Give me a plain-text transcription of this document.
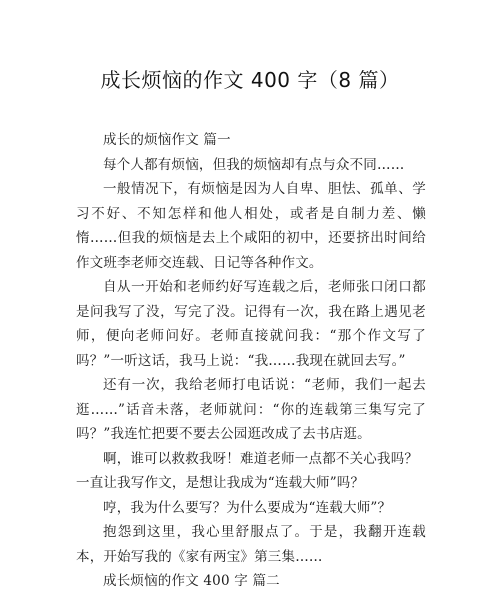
成长烦恼的作文 400 字（8 篇）
成长的烦恼作文 篇一
每个人都有烦恼，但我的烦恼却有点与众不同……
一般情况下，有烦恼是因为人自卑、胆怯、孤单、学
习不好、不知怎样和他人相处，或者是自制力差、懒
惰……但我的烦恼是去上个咸阳的初中，还要挤出时间给
作文班李老师交连载、日记等各种作文。
自从一开始和老师约好写连载之后，老师张口闭口都
是问我写了没，写完了没。记得有一次，我在路上遇见老
师，便向老师问好。老师直接就问我：“那个作文写了
吗？”一听这话，我马上说：“我……我现在就回去写。”
还有一次，我给老师打电话说：“老师，我们一起去
逛……”话音未落，老师就问：“你的连载第三集写完了
吗？”我连忙把要不要去公园逛改成了去书店逛。
啊，谁可以救救我呀！难道老师一点都不关心我吗？
一直让我写作文，是想让我成为“连载大师”吗？
哼，我为什么要写？为什么要成为“连载大师”？
抱怨到这里，我心里舒服点了。于是，我翻开连载
本，开始写我的《家有两宝》第三集……
成长烦恼的作文 400 字 篇二
